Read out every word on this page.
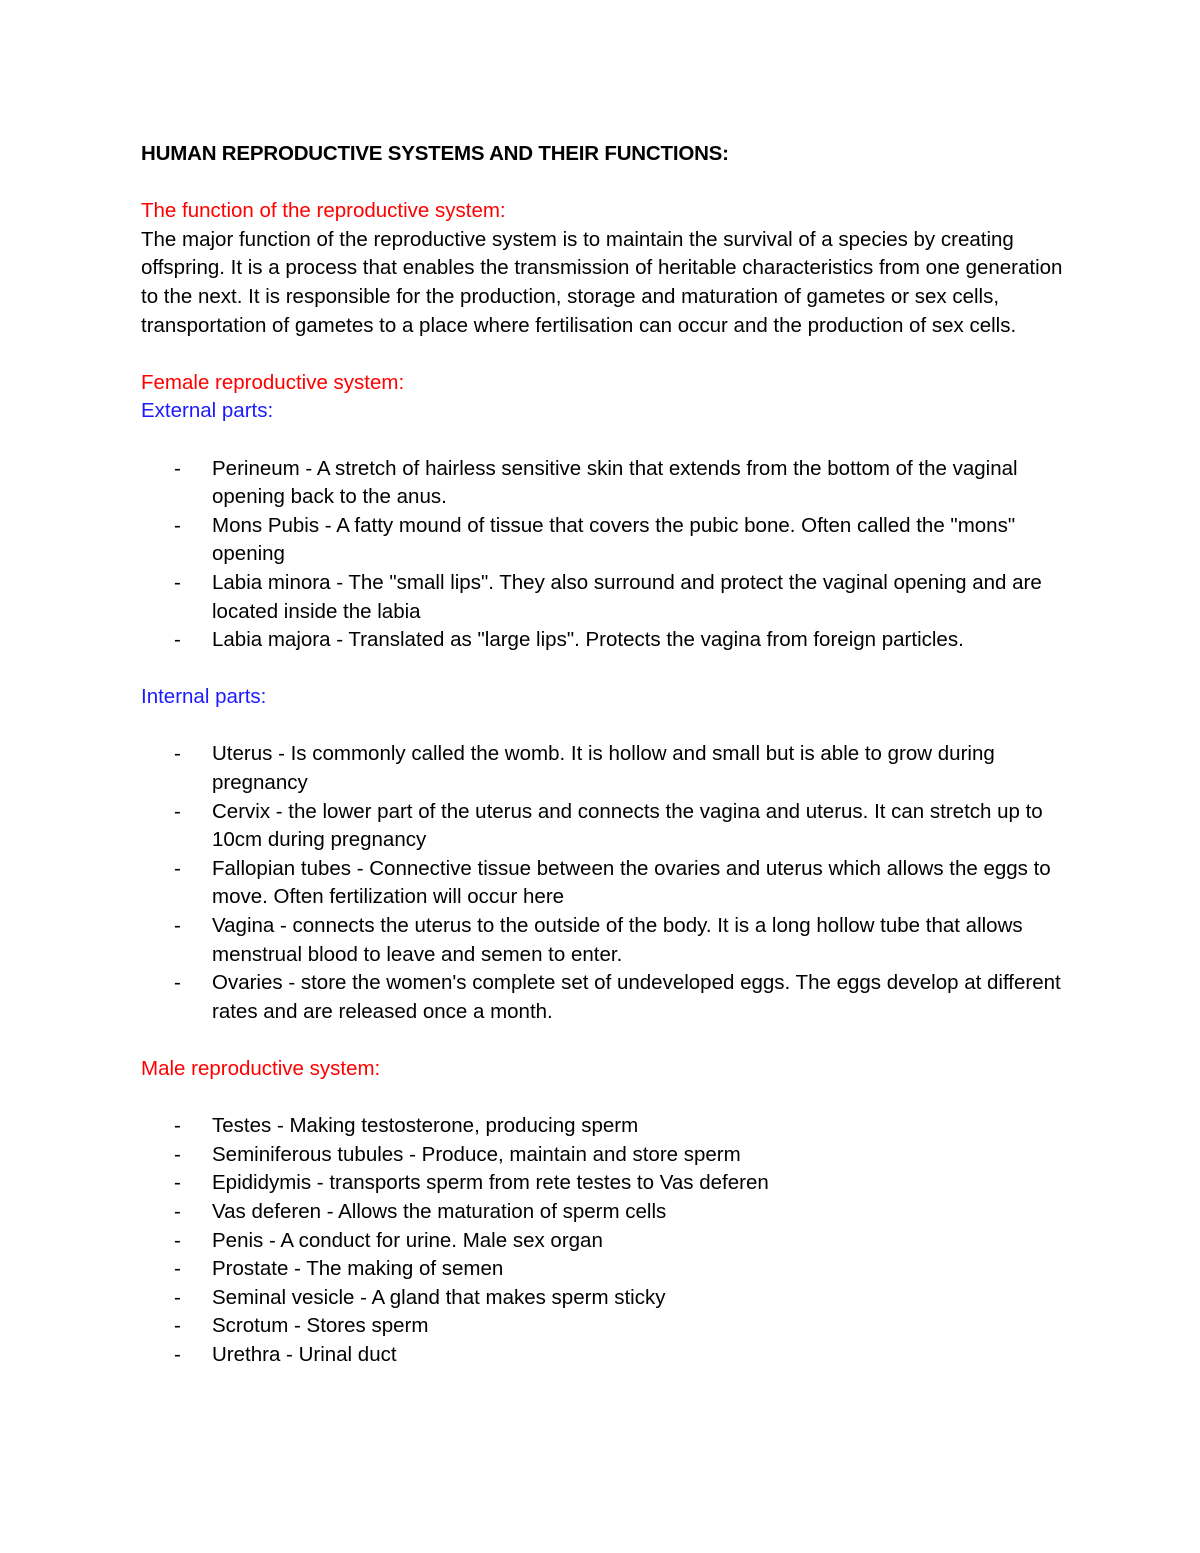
HUMAN REPRODUCTIVE SYSTEMS AND THEIR FUNCTIONS:

The function of the reproductive system:

The major function of the reproductive system is to maintain the survival of a species by creating offspring. It is a process that enables the transmission of heritable characteristics from one generation to the next. It is responsible for the production, storage and maturation of gametes or sex cells, transportation of gametes to a place where fertilisation can occur and the production of sex cells.

Female reproductive system:

External parts:

- Perineum - A stretch of hairless sensitive skin that extends from the bottom of the vaginal opening back to the anus.
- Mons Pubis - A fatty mound of tissue that covers the pubic bone. Often called the "mons" opening
- Labia minora - The "small lips". They also surround and protect the vaginal opening and are located inside the labia
- Labia majora - Translated as "large lips". Protects the vagina from foreign particles.

Internal parts:

- Uterus - Is commonly called the womb. It is hollow and small but is able to grow during pregnancy
- Cervix - the lower part of the uterus and connects the vagina and uterus. It can stretch up to 10cm during pregnancy
- Fallopian tubes - Connective tissue between the ovaries and uterus which allows the eggs to move. Often fertilization will occur here
- Vagina - connects the uterus to the outside of the body. It is a long hollow tube that allows menstrual blood to leave and semen to enter.
- Ovaries - store the women's complete set of undeveloped eggs. The eggs develop at different rates and are released once a month.

Male reproductive system:

- Testes - Making testosterone, producing sperm
- Seminiferous tubules - Produce, maintain and store sperm
- Epididymis - transports sperm from rete testes to Vas deferen
- Vas deferen - Allows the maturation of sperm cells
- Penis - A conduct for urine. Male sex organ
- Prostate - The making of semen
- Seminal vesicle - A gland that makes sperm sticky
- Scrotum - Stores sperm
- Urethra - Urinal duct
